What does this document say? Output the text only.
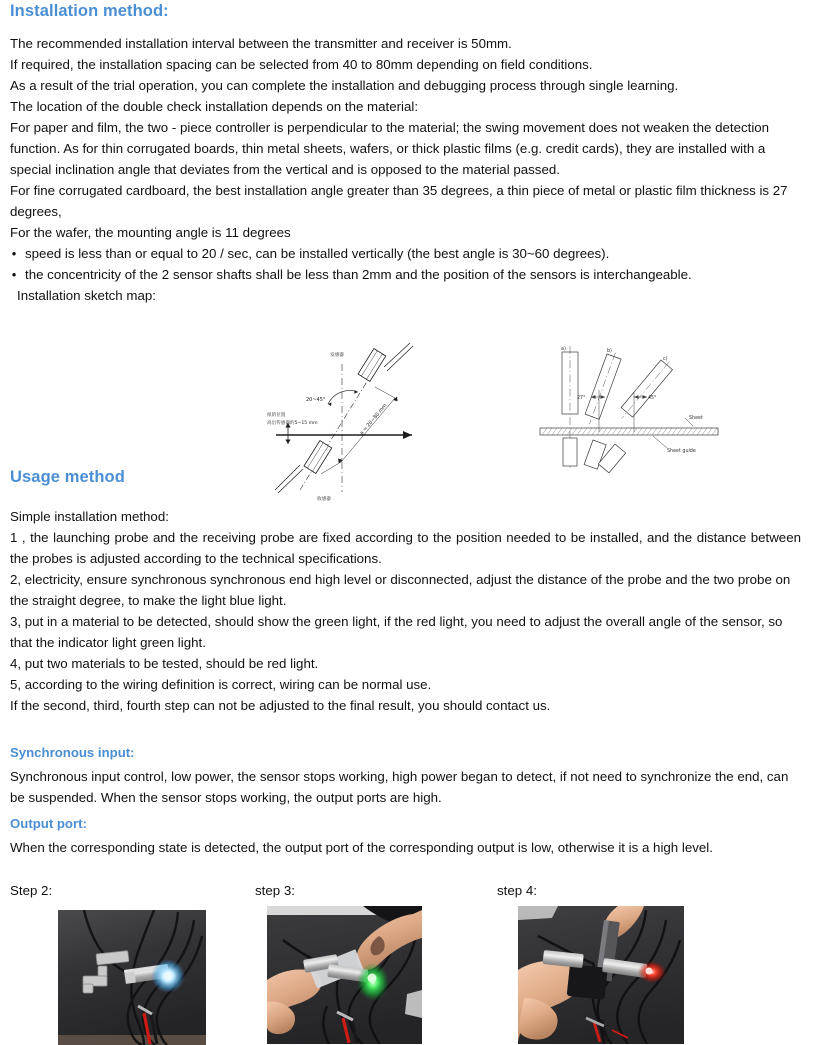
Installation method:

The recommended installation interval between the transmitter and receiver is 50mm.

If required, the installation spacing can be selected from 40 to 80mm depending on field conditions.

As a result of the trial operation, you can complete the installation and debugging process through single learning.

The location of the double check installation depends on the material:

For paper and film, the two - piece controller is perpendicular to the material; the swing movement does not weaken the detection function. As for thin corrugated boards, thin metal sheets, wafers, or thick plastic films (e.g. credit cards), they are installed with a special inclination angle that deviates from the vertical and is opposed to the material passed.

For fine corrugated cardboard, the best installation angle greater than 35 degrees, a thin piece of metal or plastic film thickness is 27 degrees,

For the wafer, the mounting angle is 11 degrees

• speed is less than or equal to 20 / sec, can be installed vertically (the best angle is 30~60 degrees).
• the concentricity of the 2 sensor shafts shall be less than 2mm and the position of the sensors is interchangeable.

Installation sketch map:

发感器
收感器
20~45°
纸的位置
高出传感器约5~15 mm	a = 20~80 mm
a)	b)
c)
27°	45°
Sheet
Sheet guide
Usage method

Simple installation method:

1 , the launching probe and the receiving probe are fixed according to the position needed to be installed, and the distance between the probes is adjusted according to the technical specifications.

2, electricity, ensure synchronous synchronous end high level or disconnected, adjust the distance of the probe and the two probe on the straight degree, to make the light blue light.

3, put in a material to be detected, should show the green light, if the red light, you need to adjust the overall angle of the sensor, so that the indicator light green light.

4, put two materials to be tested, should be red light.

5, according to the wiring definition is correct, wiring can be normal use.

If the second, third, fourth step can not be adjusted to the final result, you should contact us.

Synchronous input:

Synchronous input control, low power, the sensor stops working, high power began to detect, if not need to synchronize the end, can be suspended. When the sensor stops working, the output ports are high.

Output port:

When the corresponding state is detected, the output port of the corresponding output is low, otherwise it is a high level.

Step 2:	step 3:	step 4:
